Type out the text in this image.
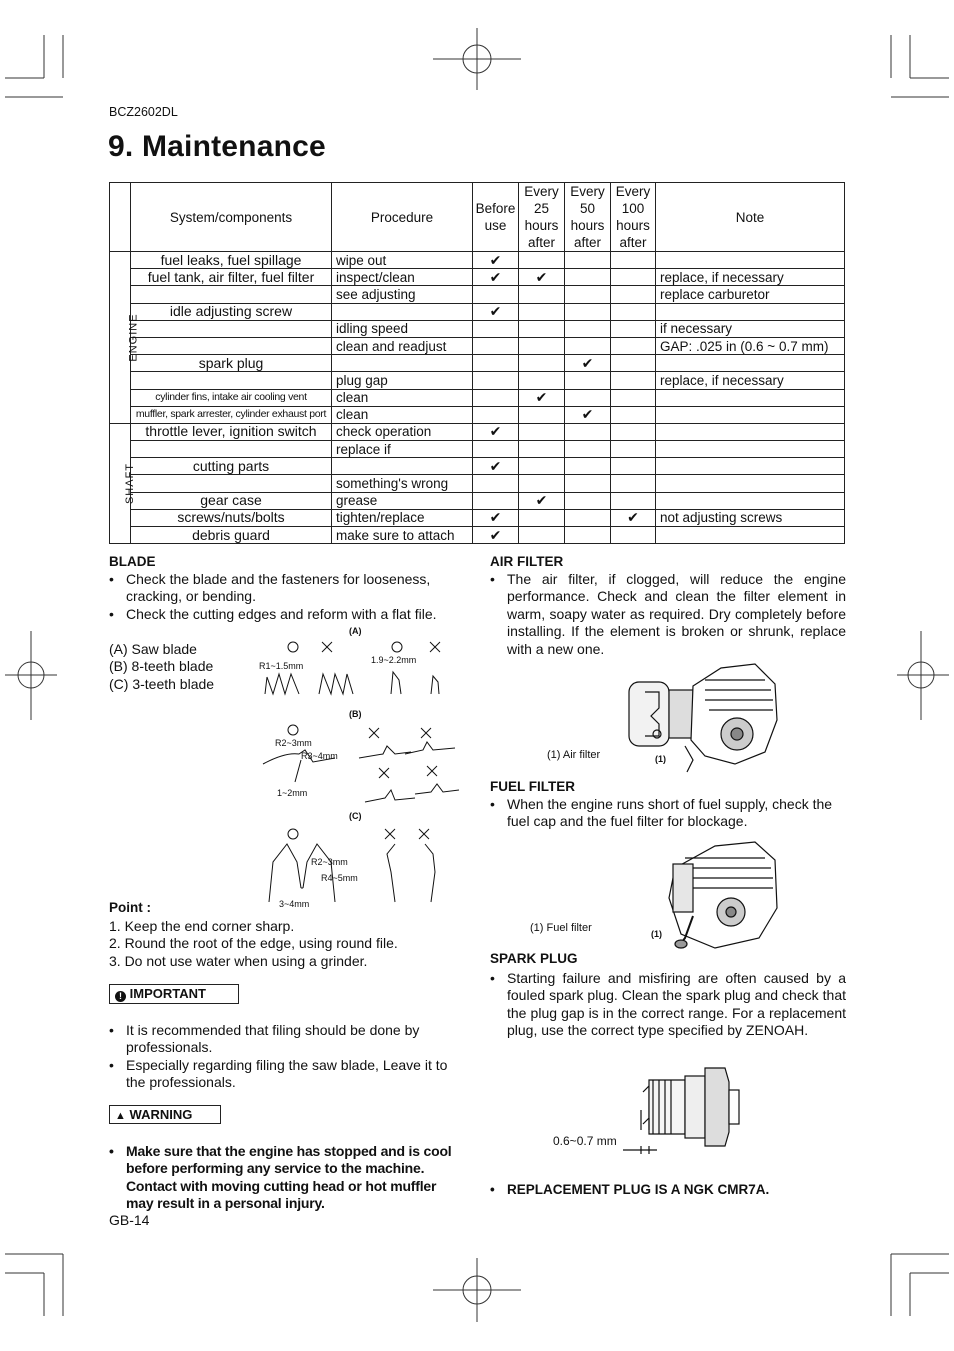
BCZ2602DL
9. Maintenance
	System/components	Procedure	Before use	Every 25 hours after	Every 50 hours after	Every 100 hours after	Note
ENGINE	fuel leaks, fuel spillage	wipe out	✔				
	fuel tank, air filter, fuel filter	inspect/clean	✔	✔			replace, if necessary
		see adjusting					replace carburetor
	idle adjusting screw		✔				
		idling speed					if necessary
		clean and readjust					GAP: .025 in (0.6 ~ 0.7 mm)
	spark plug				✔		
		plug gap					replace, if necessary
	cylinder fins, intake air cooling vent	clean		✔			
	muffler, spark arrester, cylinder exhaust port	clean			✔		
SHAFT	throttle lever, ignition switch	check operation	✔				
		replace if					
	cutting parts		✔				
		something's wrong					
	gear case	grease		✔			
	screws/nuts/bolts	tighten/replace	✔			✔	not adjusting screws
	debris guard	make sure to attach	✔				
BLADE
• Check the blade and the fasteners for looseness, cracking, or bending.
• Check the cutting edges and reform with a flat file.
(A) Saw blade
(B) 8-teeth blade
(C) 3-teeth blade
(A)
(B)
(C)
R1~1.5mm
1.9~2.2mm
R2~3mm
R3~4mm
1~2mm
R2~3mm
R4~5mm
3~4mm
Point :
1. Keep the end corner sharp.
2. Round the root of the edge, using round file.
3. Do not use water when using a grinder.
! IMPORTANT
• It is recommended that filing should be done by professionals.
• Especially regarding filing the saw blade, Leave it to the professionals.
▲ WARNING
• Make sure that the engine has stopped and is cool before performing any service to the machine. Contact with moving cutting head or hot muffler may result in a personal injury.
GB-14
AIR FILTER
• The air filter, if clogged, will reduce the engine performance. Check and clean the filter element in warm, soapy water as required. Dry completely before installing. If the element is broken or shrunk, replace with a new one.
(1) Air filter	(1)
FUEL FILTER
• When the engine runs short of fuel supply, check the fuel cap and the fuel filter for blockage.
(1) Fuel filter	(1)
SPARK PLUG
• Starting failure and misfiring are often caused by a fouled spark plug. Clean the spark plug and check that the plug gap is in the correct range. For a replacement plug, use the correct type specified by ZENOAH.
0.6~0.7 mm
• REPLACEMENT PLUG IS A NGK CMR7A.
